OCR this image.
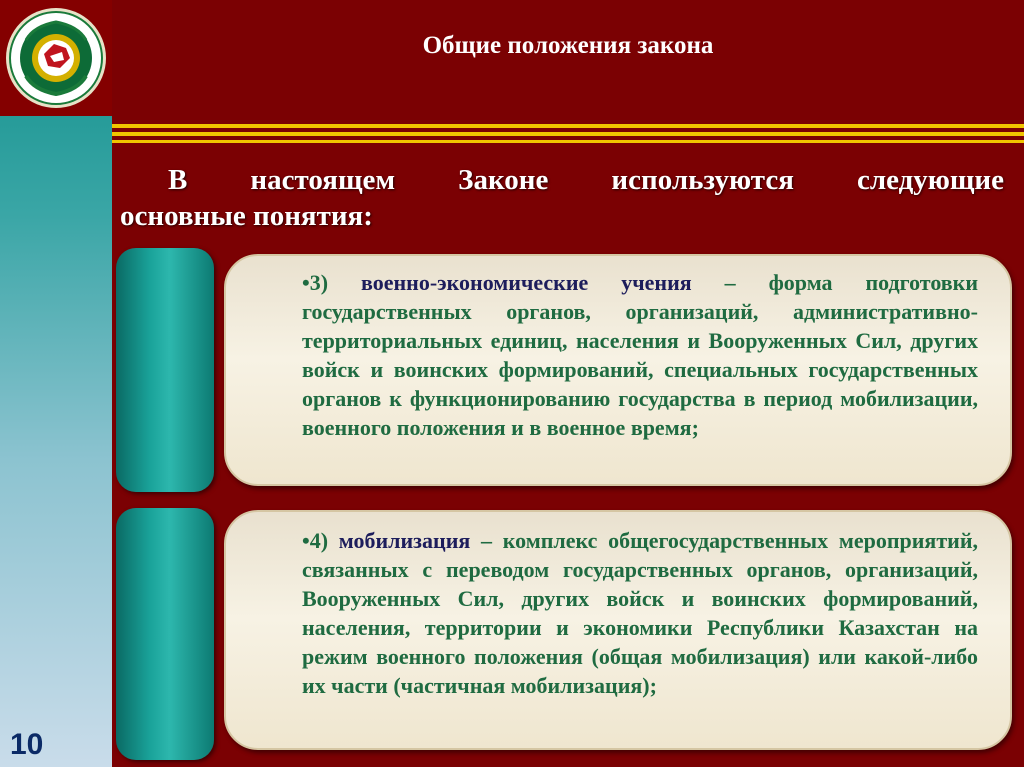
Общие положения закона
В настоящем Законе используются следующие
основные понятия:
•3) военно-экономические учения – форма подготовки государственных органов, организаций, административно-территориальных единиц, населения и Вооруженных Сил, других войск и воинских формирований, специальных государственных органов к функционированию государства в период мобилизации, военного положения и в военное время;
•4) мобилизация – комплекс общегосударственных мероприятий, связанных с переводом государственных органов, организаций, Вооруженных Сил, других войск и воинских формирований, населения, территории и экономики Республики Казахстан на режим военного положения (общая мобилизация) или какой-либо их части (частичная мобилизация);
10
